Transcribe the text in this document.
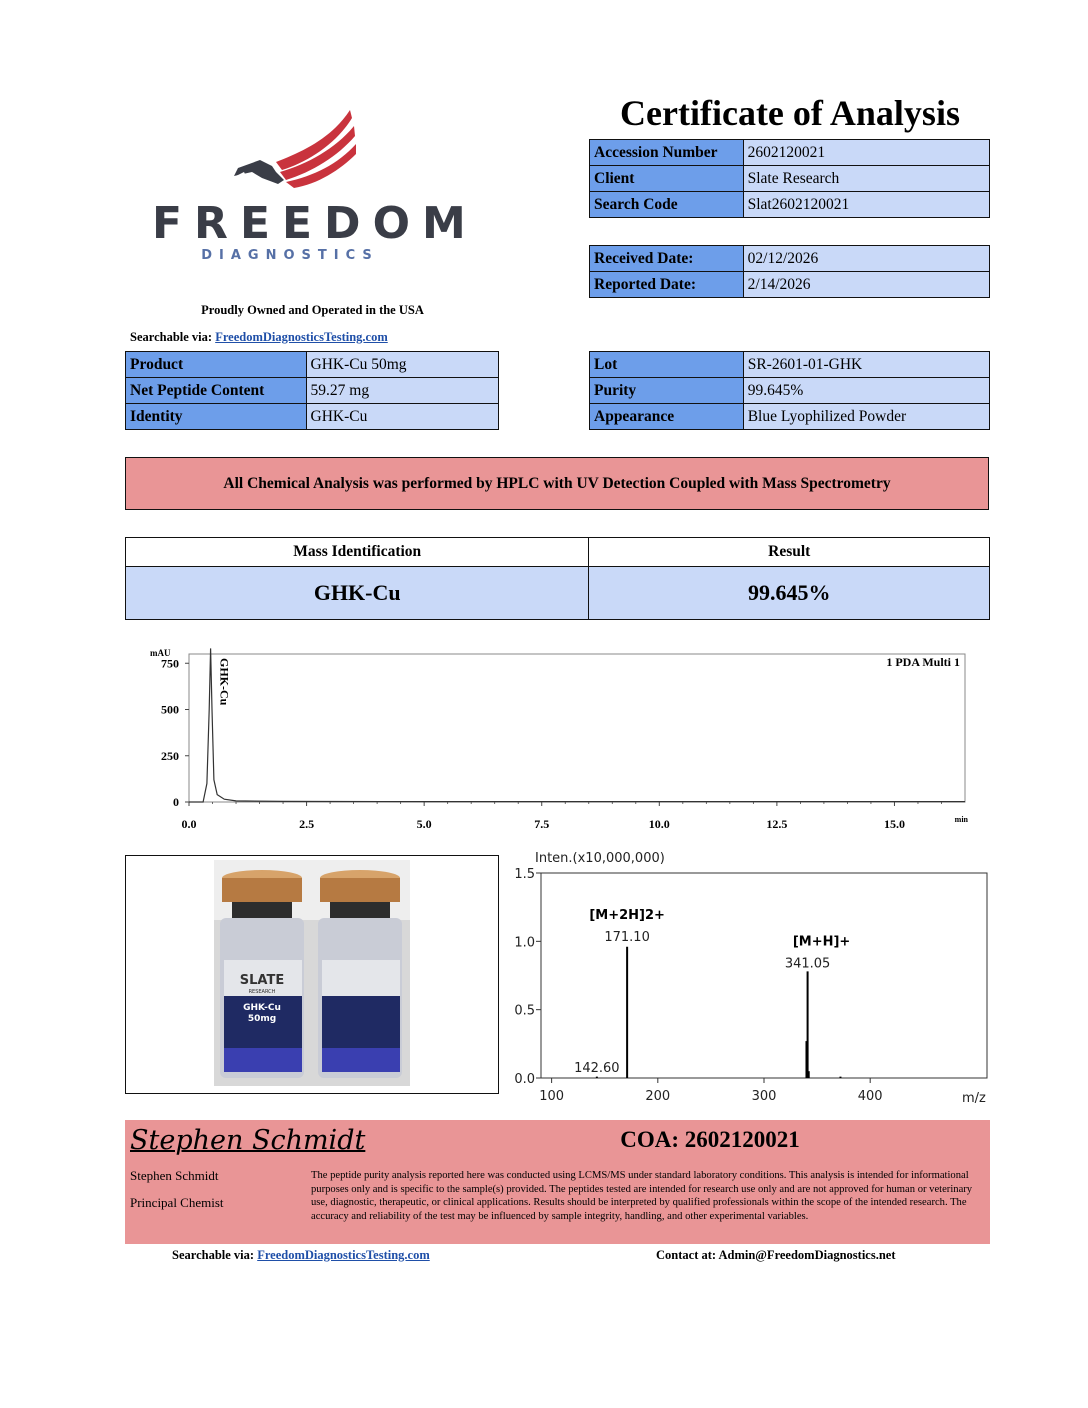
FREEDOM
DIAGNOSTICS
Proudly Owned and Operated in the USA
Searchable via: FreedomDiagnosticsTesting.com
Certificate of Analysis
Accession Number	2602120021
Client	Slate Research
Search Code	Slat2602120021
Received Date:	02/12/2026
Reported Date:	2/14/2026
Product	GHK-Cu 50mg
Net Peptide Content	59.27 mg
Identity	GHK-Cu
Lot	SR-2601-01-GHK
Purity	99.645%
Appearance	Blue Lyophilized Powder
All Chemical Analysis was performed by HPLC with UV Detection Coupled with Mass Spectrometry
Mass Identification	Result
GHK-Cu	99.645%
mAU
1 PDA Multi 1
min
0.0	2.5	5.0	7.5	10.0	12.5	15.0
0
250
500
750	GHK-Cu
SLATE
RESEARCH
GHK-Cu
50mg
Inten.(x10,000,000)
m/z
0.0
0.5
1.0
1.5
100	200	300	400
[M+2H]2+
171.10	[M+H]+
341.05
142.60
Stephen Schmidt	COA: 2602120021
Stephen Schmidt
Principal Chemist
The peptide purity analysis reported here was conducted using LCMS/MS under standard laboratory conditions. This analysis is intended for informational purposes only and is specific to the sample(s) provided. The peptides tested are intended for research use only and are not approved for human or veterinary use, diagnostic, therapeutic, or clinical applications. Results should be interpreted by qualified professionals within the scope of the intended research. The accuracy and reliability of the test may be influenced by sample integrity, handling, and other experimental variables.
Searchable via: FreedomDiagnosticsTesting.com	Contact at: Admin@FreedomDiagnostics.net
